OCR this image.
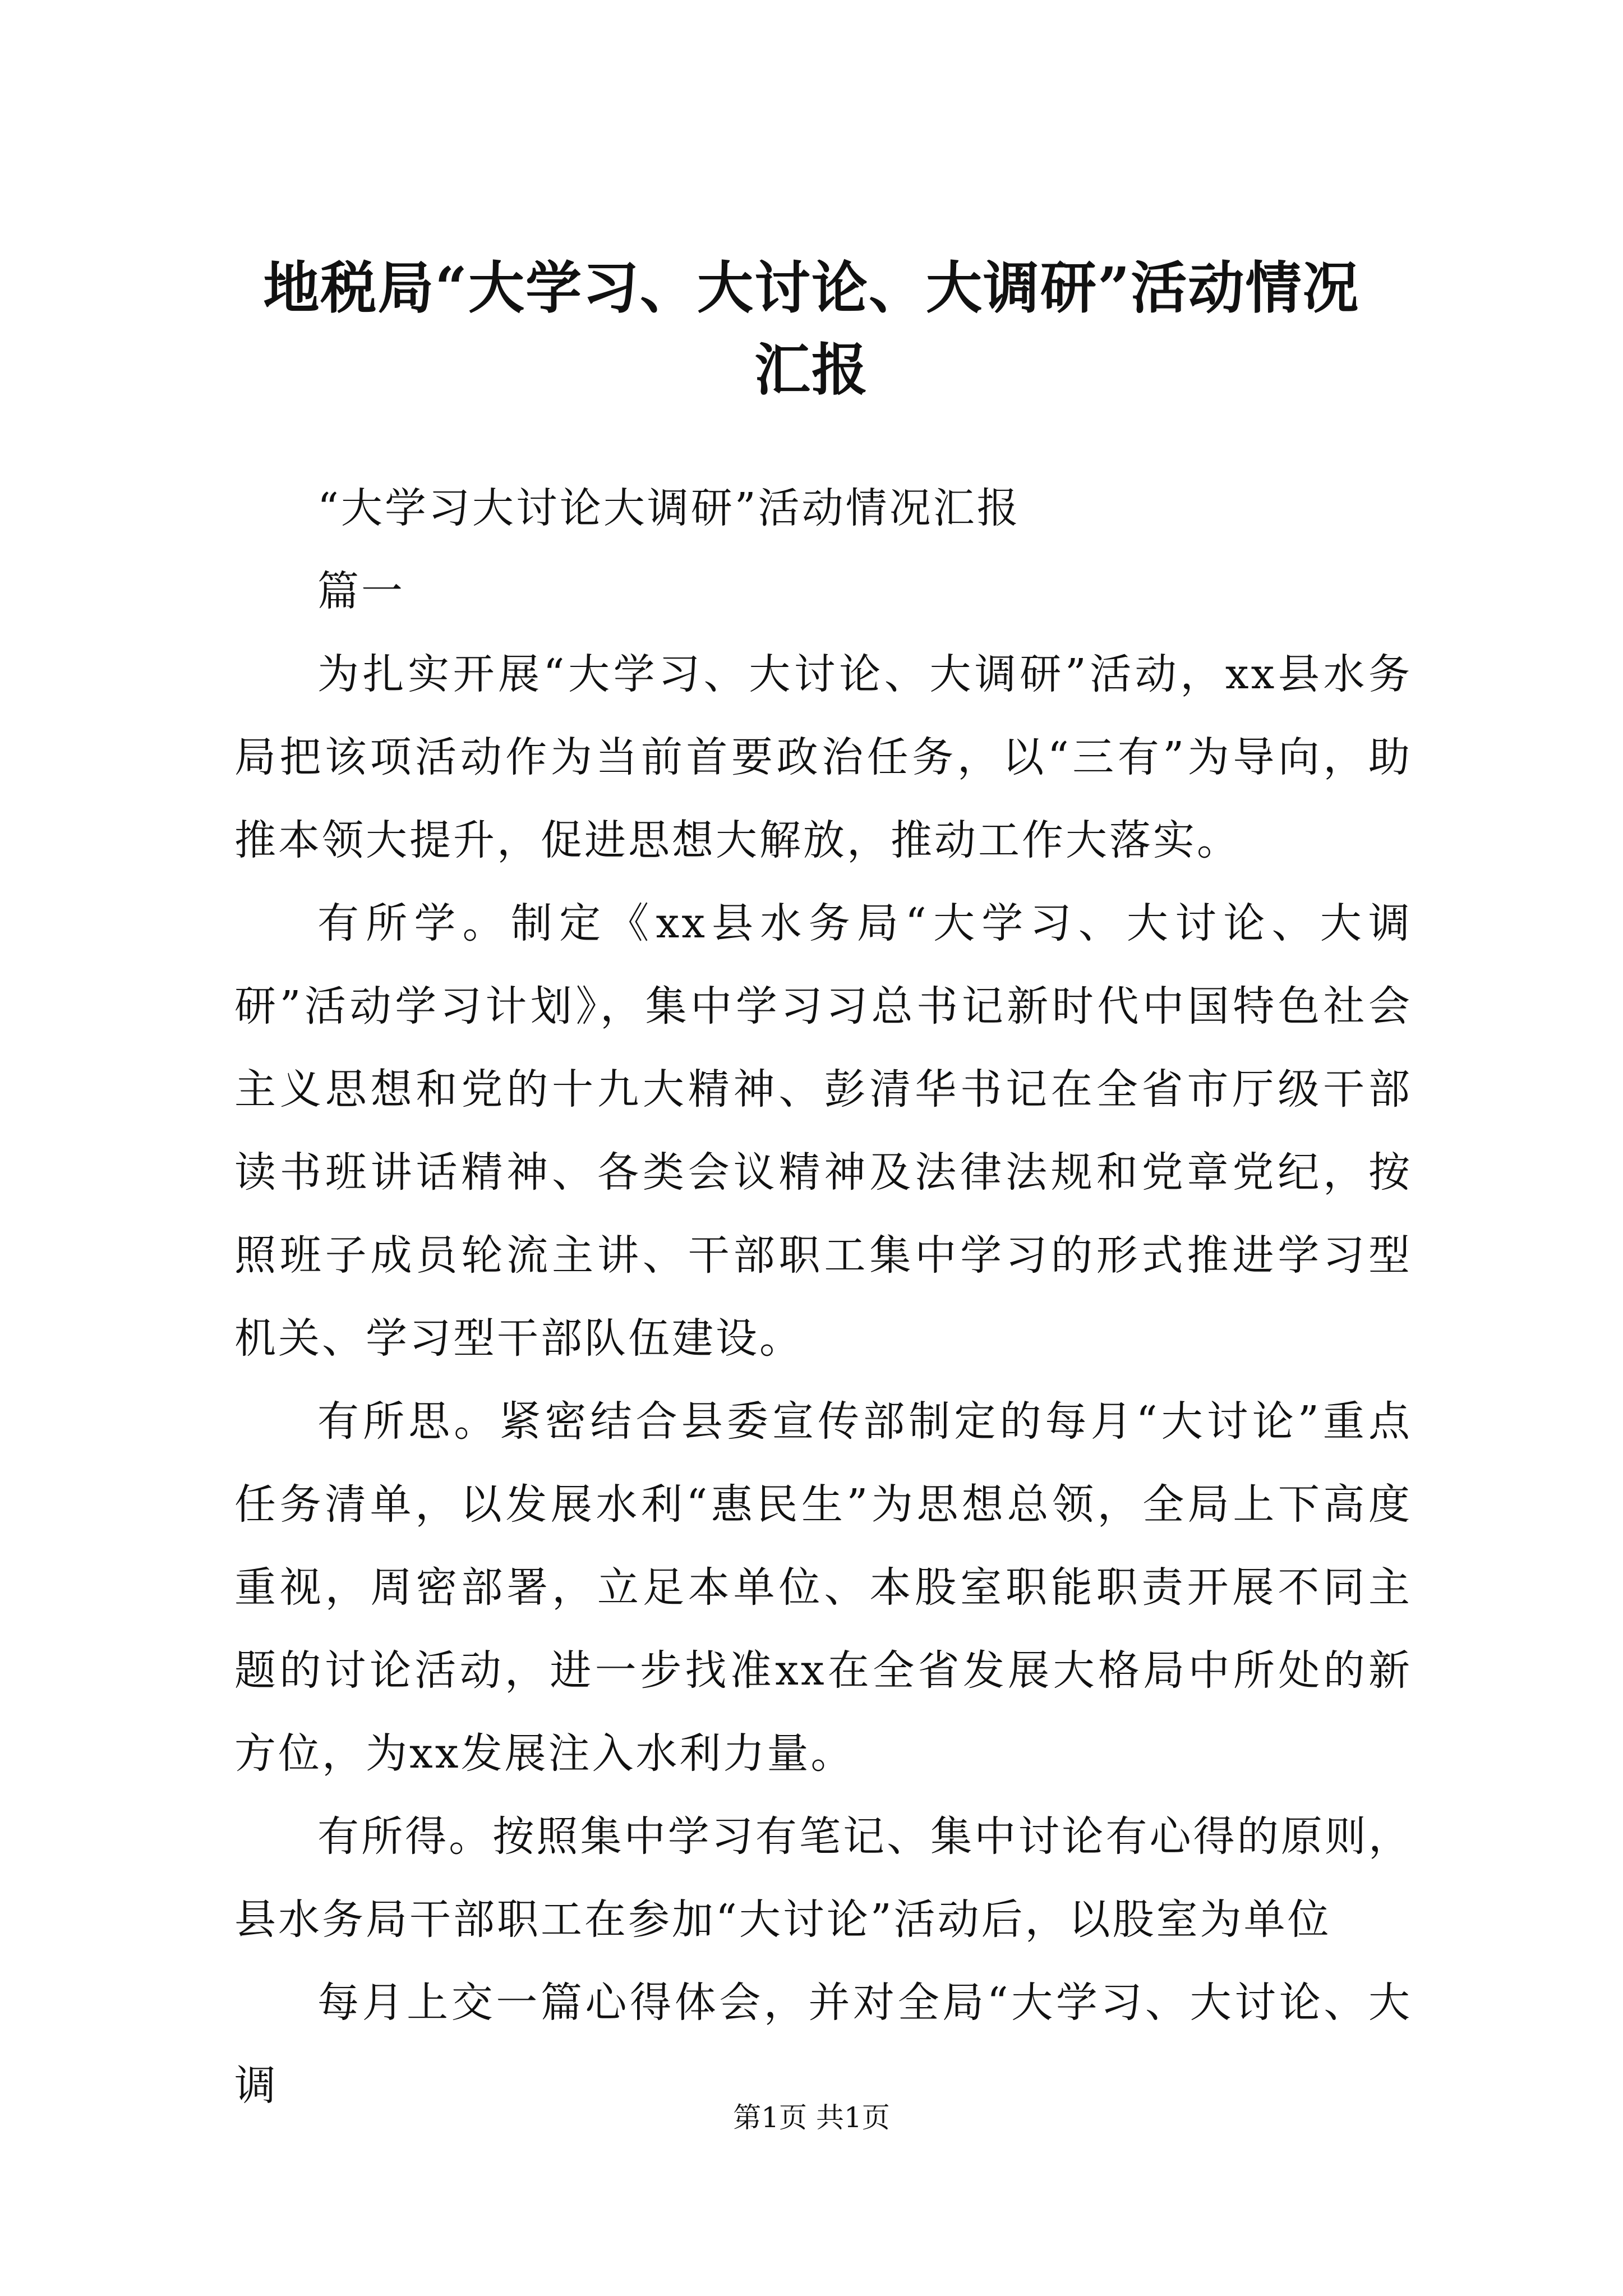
地税局“大学习、大讨论、大调研”活动情况
汇报

“大学习大讨论大调研”活动情况汇报

篇一

为扎实开展“大学习、大讨论、大调研”活动，xx县水务局把该项活动作为当前首要政治任务，以“三有”为导向，助推本领大提升，促进思想大解放，推动工作大落实。

有所学。制定《xx县水务局“大学习、大讨论、大调研”活动学习计划》，集中学习习总书记新时代中国特色社会主义思想和党的十九大精神、彭清华书记在全省市厅级干部读书班讲话精神、各类会议精神及法律法规和党章党纪，按照班子成员轮流主讲、干部职工集中学习的形式推进学习型机关、学习型干部队伍建设。

有所思。紧密结合县委宣传部制定的每月“大讨论”重点任务清单，以发展水利“惠民生”为思想总领，全局上下高度重视，周密部署，立足本单位、本股室职能职责开展不同主题的讨论活动，进一步找准xx在全省发展大格局中所处的新方位，为xx发展注入水利力量。

有所得。按照集中学习有笔记、集中讨论有心得的原则，县水务局干部职工在参加“大讨论”活动后，以股室为单位

每月上交一篇心得体会，并对全局“大学习、大讨论、大调

第1页 共1页
